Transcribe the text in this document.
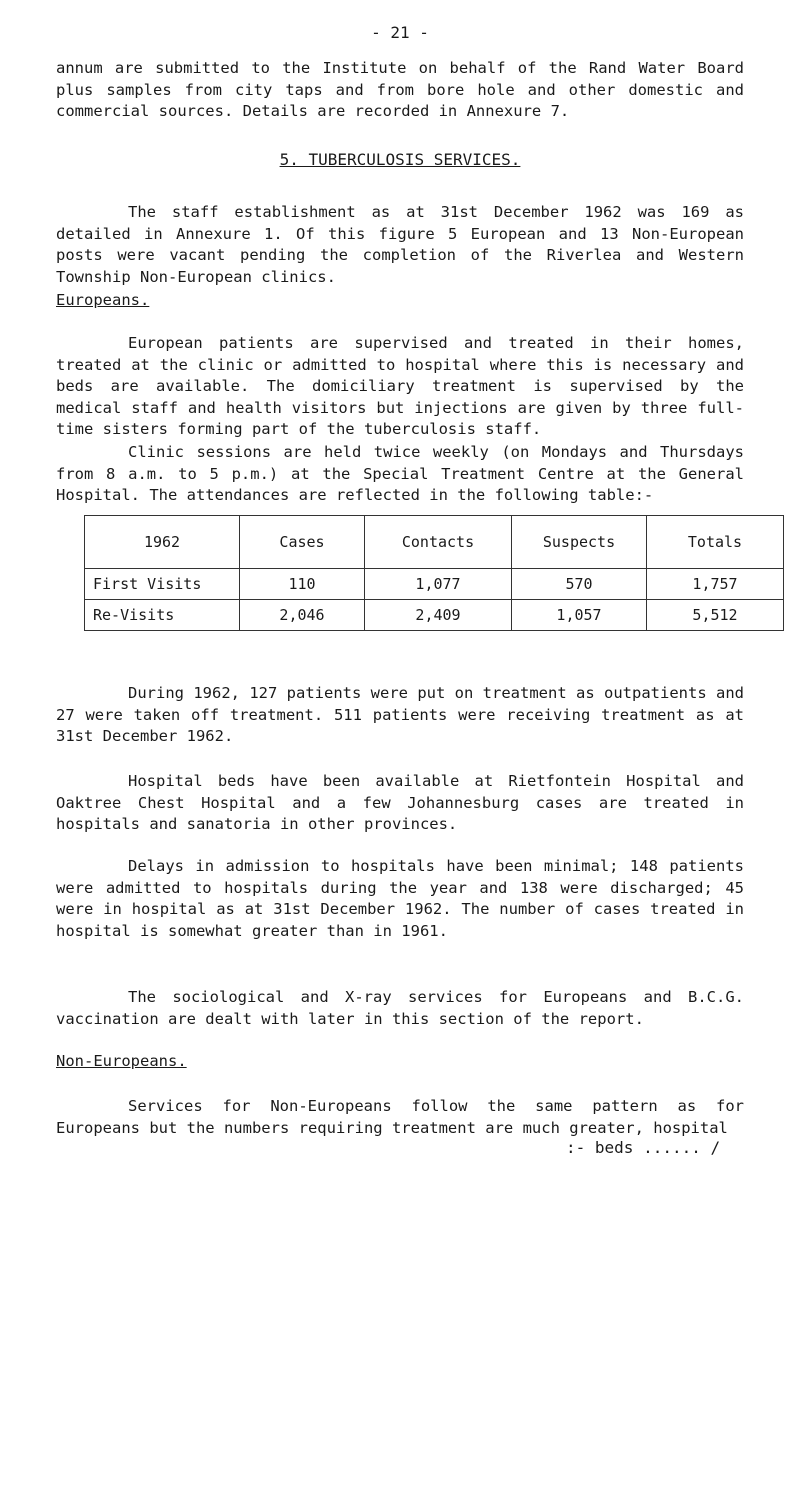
- 21 -

annum are submitted to the Institute on behalf of the Rand Water Board plus samples from city taps and from bore hole and other domestic and commercial sources. Details are recorded in Annexure 7.

5. TUBERCULOSIS SERVICES.

The staff establishment as at 31st December 1962 was 169 as detailed in Annexure 1. Of this figure 5 European and 13 Non-European posts were vacant pending the completion of the Riverlea and Western Township Non-European clinics.

Europeans.

European patients are supervised and treated in their homes, treated at the clinic or admitted to hospital where this is necessary and beds are available. The domiciliary treatment is supervised by the medical staff and health visitors but injections are given by three full-time sisters forming part of the tuberculosis staff.

Clinic sessions are held twice weekly (on Mondays and Thursdays from 8 a.m. to 5 p.m.) at the Special Treatment Centre at the General Hospital. The attendances are reflected in the following table:-

1962	Cases	Contacts	Suspects	Totals
First Visits	110	1,077	570	1,757
Re-Visits	2,046	2,409	1,057	5,512

During 1962, 127 patients were put on treatment as outpatients and 27 were taken off treatment. 511 patients were receiving treatment as at 31st December 1962.

Hospital beds have been available at Rietfontein Hospital and Oaktree Chest Hospital and a few Johannesburg cases are treated in hospitals and sanatoria in other provinces.

Delays in admission to hospitals have been minimal; 148 patients were admitted to hospitals during the year and 138 were discharged; 45 were in hospital as at 31st December 1962. The number of cases treated in hospital is somewhat greater than in 1961.

The sociological and X-ray services for Europeans and B.C.G. vaccination are dealt with later in this section of the report.

Non-Europeans.

Services for Non-Europeans follow the same pattern as for Europeans but the numbers requiring treatment are much greater, hospital

:- beds ...... /
